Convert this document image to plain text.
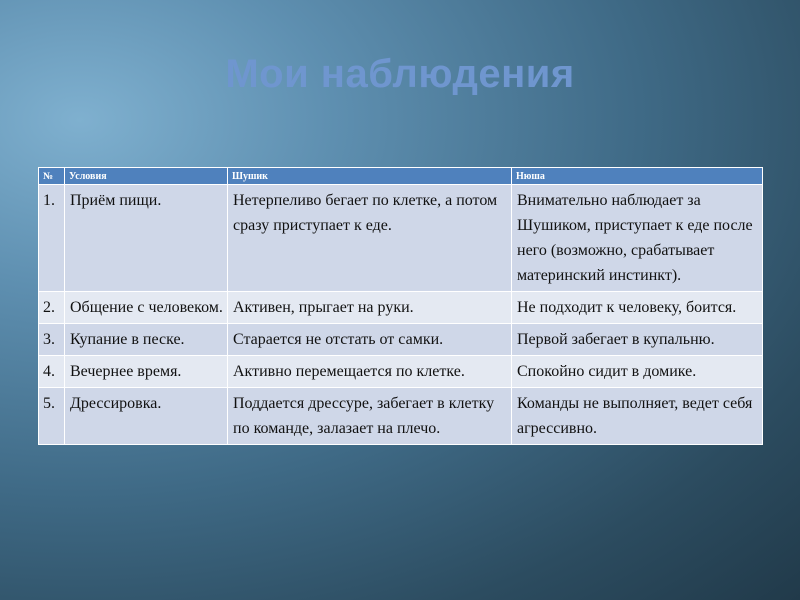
Мои наблюдения
№	Условия	Шушик	Нюша
1.	Приём пищи.	Нетерпеливо бегает по клетке, а потом сразу приступает к еде.	Внимательно наблюдает за Шушиком, приступает к еде после него (возможно, срабатывает материнский инстинкт).
2.	Общение с человеком.	Активен, прыгает на руки.	Не подходит к человеку, боится.
3.	Купание в песке.	Старается не отстать от самки.	Первой забегает в купальню.
4.	Вечернее время.	Активно перемещается по клетке.	Спокойно сидит в домике.
5.	Дрессировка.	Поддается дрессуре, забегает в клетку по команде, залазает на плечо.	Команды не выполняет, ведет себя агрессивно.
